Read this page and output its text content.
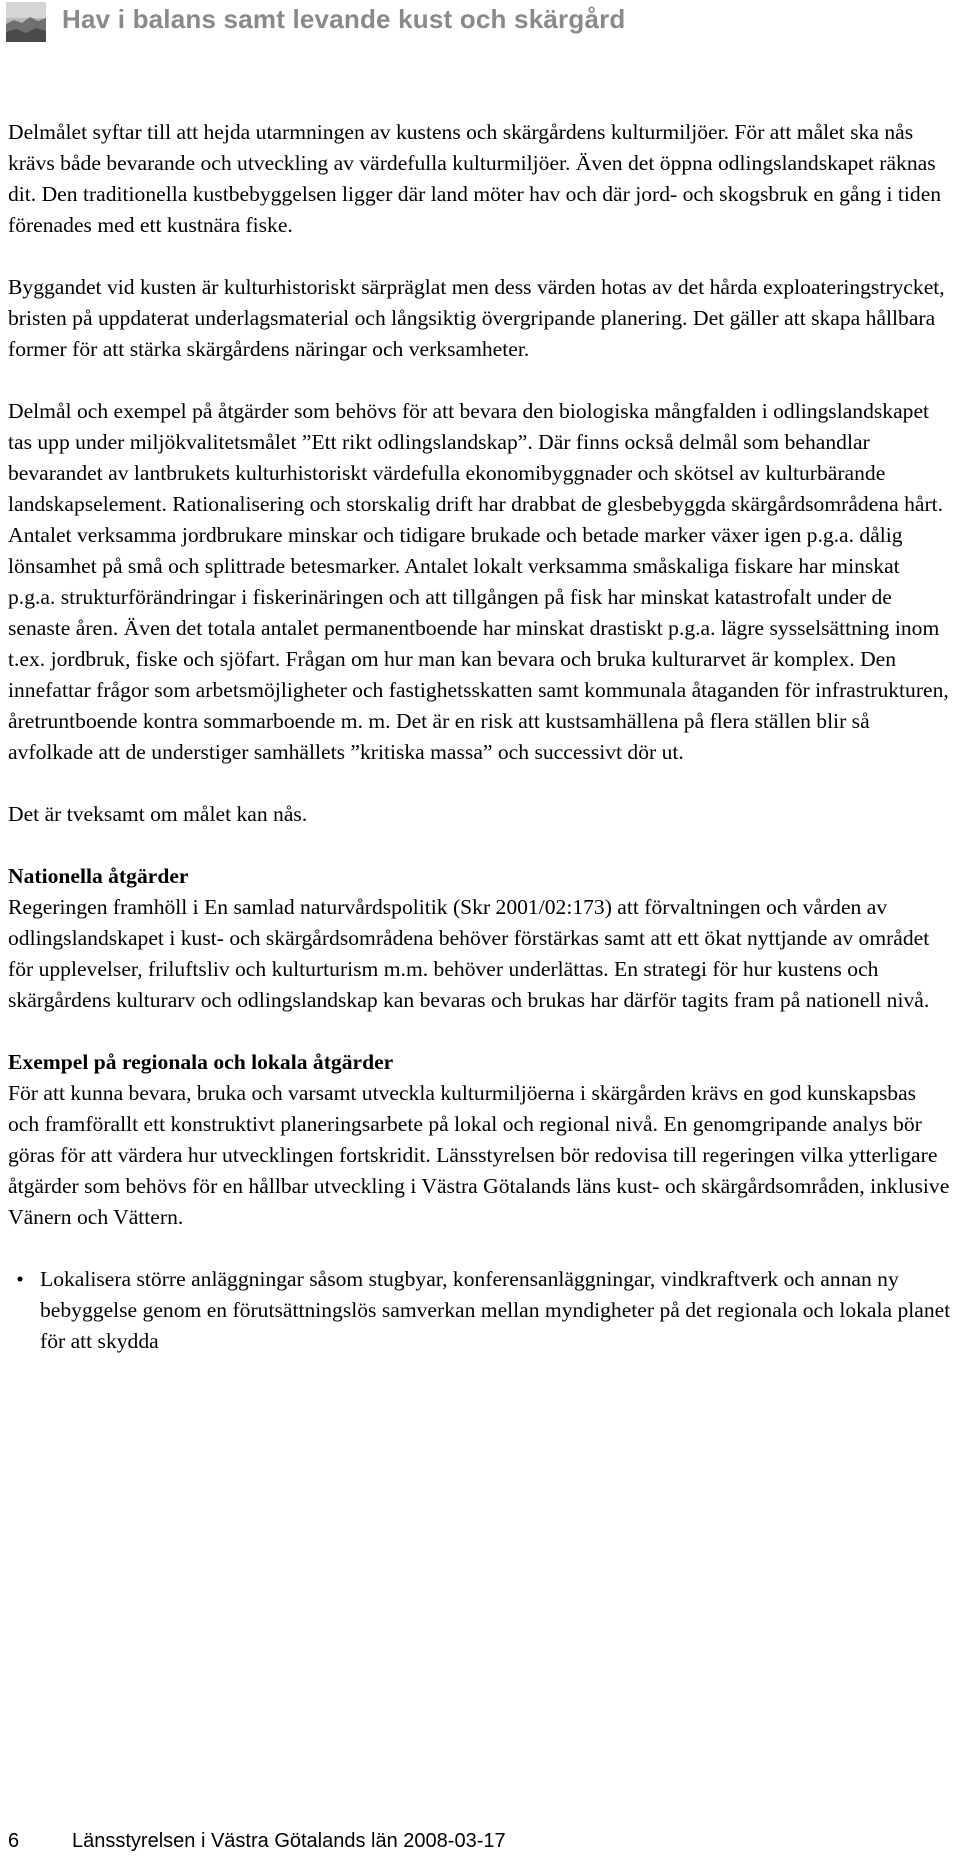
Hav i balans samt levande kust och skärgård

Delmålet syftar till att hejda utarmningen av kustens och skärgårdens kulturmiljöer. För att målet ska nås krävs både bevarande och utveckling av värdefulla kulturmiljöer. Även det öppna odlingslandskapet räknas dit. Den traditionella kustbebyggelsen ligger där land möter hav och där jord- och skogsbruk en gång i tiden förenades med ett kustnära fiske.

Byggandet vid kusten är kulturhistoriskt särpräglat men dess värden hotas av det hårda exploateringstrycket, bristen på uppdaterat underlagsmaterial och långsiktig övergripande planering. Det gäller att skapa hållbara former för att stärka skärgårdens näringar och verksamheter.

Delmål och exempel på åtgärder som behövs för att bevara den biologiska mångfalden i odlingslandskapet tas upp under miljökvalitetsmålet ”Ett rikt odlingslandskap”. Där finns också delmål som behandlar bevarandet av lantbrukets kulturhistoriskt värdefulla ekonomibyggnader och skötsel av kulturbärande landskapselement. Rationalisering och storskalig drift har drabbat de glesbebyggda skärgårdsområdena hårt. Antalet verksamma jordbrukare minskar och tidigare brukade och betade marker växer igen p.g.a. dålig lönsamhet på små och splittrade betesmarker. Antalet lokalt verksamma småskaliga fiskare har minskat p.g.a. strukturförändringar i fiskerinäringen och att tillgången på fisk har minskat katastrofalt under de senaste åren. Även det totala antalet permanentboende har minskat drastiskt p.g.a. lägre sysselsättning inom t.ex. jordbruk, fiske och sjöfart. Frågan om hur man kan bevara och bruka kulturarvet är komplex. Den innefattar frågor som arbetsmöjligheter och fastighetsskatten samt kommunala åtaganden för infrastrukturen, åretruntboende kontra sommarboende m. m. Det är en risk att kustsamhällena på flera ställen blir så avfolkade att de understiger samhällets ”kritiska massa” och successivt dör ut.

Det är tveksamt om målet kan nås.

Nationella åtgärder

Regeringen framhöll i En samlad naturvårdspolitik (Skr 2001/02:173) att förvaltningen och vården av odlingslandskapet i kust- och skärgårdsområdena behöver förstärkas samt att ett ökat nyttjande av området för upplevelser, friluftsliv och kulturturism m.m. behöver underlättas. En strategi för hur kustens och skärgårdens kulturarv och odlingslandskap kan bevaras och brukas har därför tagits fram på nationell nivå.

Exempel på regionala och lokala åtgärder

För att kunna bevara, bruka och varsamt utveckla kulturmiljöerna i skärgården krävs en god kunskapsbas och framförallt ett konstruktivt planeringsarbete på lokal och regional nivå. En genomgripande analys bör göras för att värdera hur utvecklingen fortskridit. Länsstyrelsen bör redovisa till regeringen vilka ytterligare åtgärder som behövs för en hållbar utveckling i Västra Götalands läns kust- och skärgårdsområden, inklusive Vänern och Vättern.

• Lokalisera större anläggningar såsom stugbyar, konferensanläggningar, vindkraftverk och annan ny bebyggelse genom en förutsättningslös samverkan mellan myndigheter på det regionala och lokala planet för att skydda
6	Länsstyrelsen i Västra Götalands län 2008-03-17
